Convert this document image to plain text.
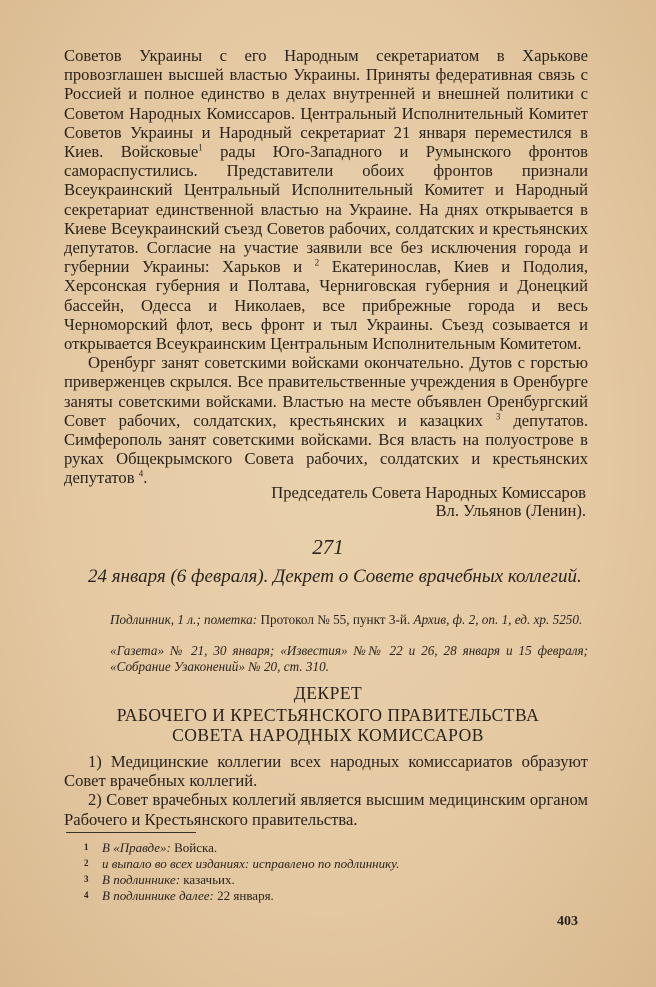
Советов Украины с его Народным секретариатом в Харькове провозглашен высшей властью Украины. Приняты федеративная связь с Россией и полное единство в делах внутренней и внешней политики с Советом Народных Комиссаров. Центральный Исполнительный Комитет Советов Украины и Народный секретариат 21 января переместился в Киев. Войсковые$^1$ рады Юго-Западного и Румынского фронтов самораспустились. Представители обоих фронтов признали Всеукраинский Центральный Исполнительный Комитет и Народный секретариат единственной властью на Украине. На днях открывается в Киеве Всеукраинский съезд Советов рабочих, солдатских и крестьянских депутатов. Согласие на участие заявили все без исключения города и губернии Украины: Харьков и $^2$ Екатеринослав, Киев и Подолия, Херсонская губерния и Полтава, Черниговская губерния и Донецкий бассейн, Одесса и Николаев, все прибрежные города и весь Черноморский флот, весь фронт и тыл Украины. Съезд созывается и открывается Всеукраинским Центральным Исполнительным Комитетом.

Оренбург занят советскими войсками окончательно. Дутов с горстью приверженцев скрылся. Все правительственные учреждения в Оренбурге заняты советскими войсками. Властью на месте объявлен Оренбургский Совет рабочих, солдатских, крестьянских и казацких $^3$ депутатов. Симферополь занят советскими войсками. Вся власть на полуострове в руках Общекрымского Совета рабочих, солдатских и крестьянских депутатов $^4$.

Председатель Совета Народных Комиссаров
Вл. Ульянов (Ленин).
271
24 января (6 февраля). Декрет о Совете врачебных коллегий.
Подлинник, 1 л.; пометка: Протокол № 55, пункт 3-й. Архив, ф. 2, оп. 1, ед. хр. 5250.
«Газета» № 21, 30 января; «Известия» №№ 22 и 26, 28 января и 15 февраля; «Собрание Узаконений» № 20, ст. 310.
ДЕКРЕТ
РАБОЧЕГО И КРЕСТЬЯНСКОГО ПРАВИТЕЛЬСТВА
СОВЕТА НАРОДНЫХ КОМИССАРОВ

1) Медицинские коллегии всех народных комиссариатов образуют Совет врачебных коллегий.

2) Совет врачебных коллегий является высшим медицинским органом Рабочего и Крестьянского правительства.

1	В «Правде»: Войска.
2	и выпало во всех изданиях: исправлено по подлиннику.
3	В подлиннике: казачьих.
4	В подлиннике далее: 22 января.
403
